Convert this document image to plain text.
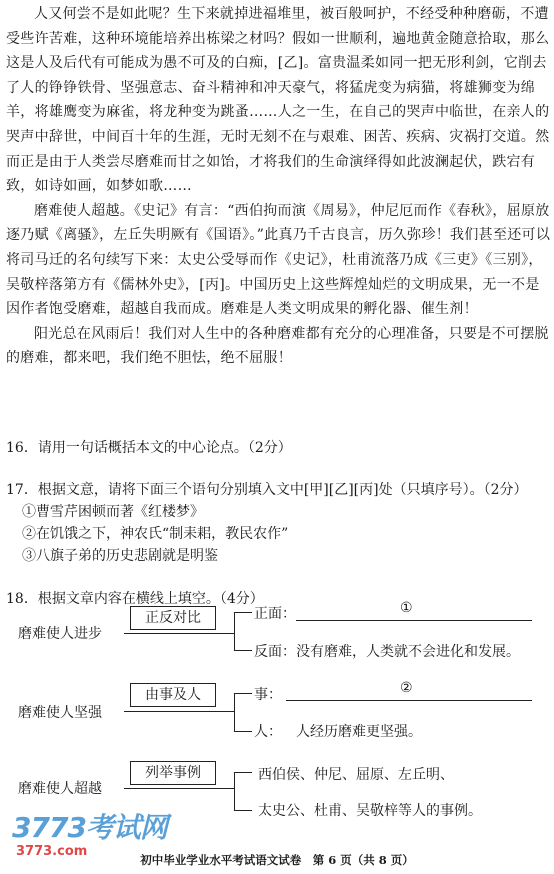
人又何尝不是如此呢？生下来就掉进福堆里，被百般呵护，不经受种种磨砺，不遭受些许苦难，这种环境能培养出栋梁之材吗？假如一世顺利，遍地黄金随意拾取，那么这是人及后代有可能成为愚不可及的白痴，[乙]。富贵温柔如同一把无形利剑，它削去了人的铮铮铁骨、坚强意志、奋斗精神和冲天豪气，将猛虎变为病猫，将雄狮变为绵羊，将雄鹰变为麻雀，将龙种变为跳蚤……人之一生，在自己的哭声中临世，在亲人的哭声中辞世，中间百十年的生涯，无时无刻不在与艰难、困苦、疾病、灾祸打交道。然而正是由于人类尝尽磨难而甘之如饴，才将我们的生命演绎得如此波澜起伏，跌宕有致，如诗如画，如梦如歌……

磨难使人超越。《史记》有言：“西伯拘而演《周易》，仲尼厄而作《春秋》，屈原放逐乃赋《离骚》，左丘失明厥有《国语》。”此真乃千古良言，历久弥珍！我们甚至还可以将司马迁的名句续写下来：太史公受辱而作《史记》，杜甫流落乃成《三吏》《三别》，吴敬梓落第方有《儒林外史》，[丙]。中国历史上这些辉煌灿烂的文明成果，无一不是因作者饱受磨难，超越自我而成。磨难是人类文明成果的孵化器、催生剂！

阳光总在风雨后！我们对人生中的各种磨难都有充分的心理准备，只要是不可摆脱的磨难，都来吧，我们绝不胆怯，绝不屈服！

16．请用一句话概括本文的中心论点。（2分）
17．根据文意，请将下面三个语句分别填入文中[甲][乙][丙]处（只填序号）。（2分）
①曹雪芹困顿而著《红楼梦》
②在饥饿之下，神农氏“制耒耜，教民农作”
③八旗子弟的历史悲剧就是明鉴
18．根据文章内容在横线上填空。（4分）
磨难使人进步
正反对比	正面：	①
反面：没有磨难，人类就不会进化和发展。
磨难使人坚强
由事及人	事：	②
人： 人经历磨难更坚强。
磨难使人超越
列举事例	西伯侯、仲尼、屈原、左丘明、
太史公、杜甫、吴敬梓等人的事例。
3773考试网
3773.com
初中毕业学业水平考试语文试卷　第 6 页（共 8 页）
